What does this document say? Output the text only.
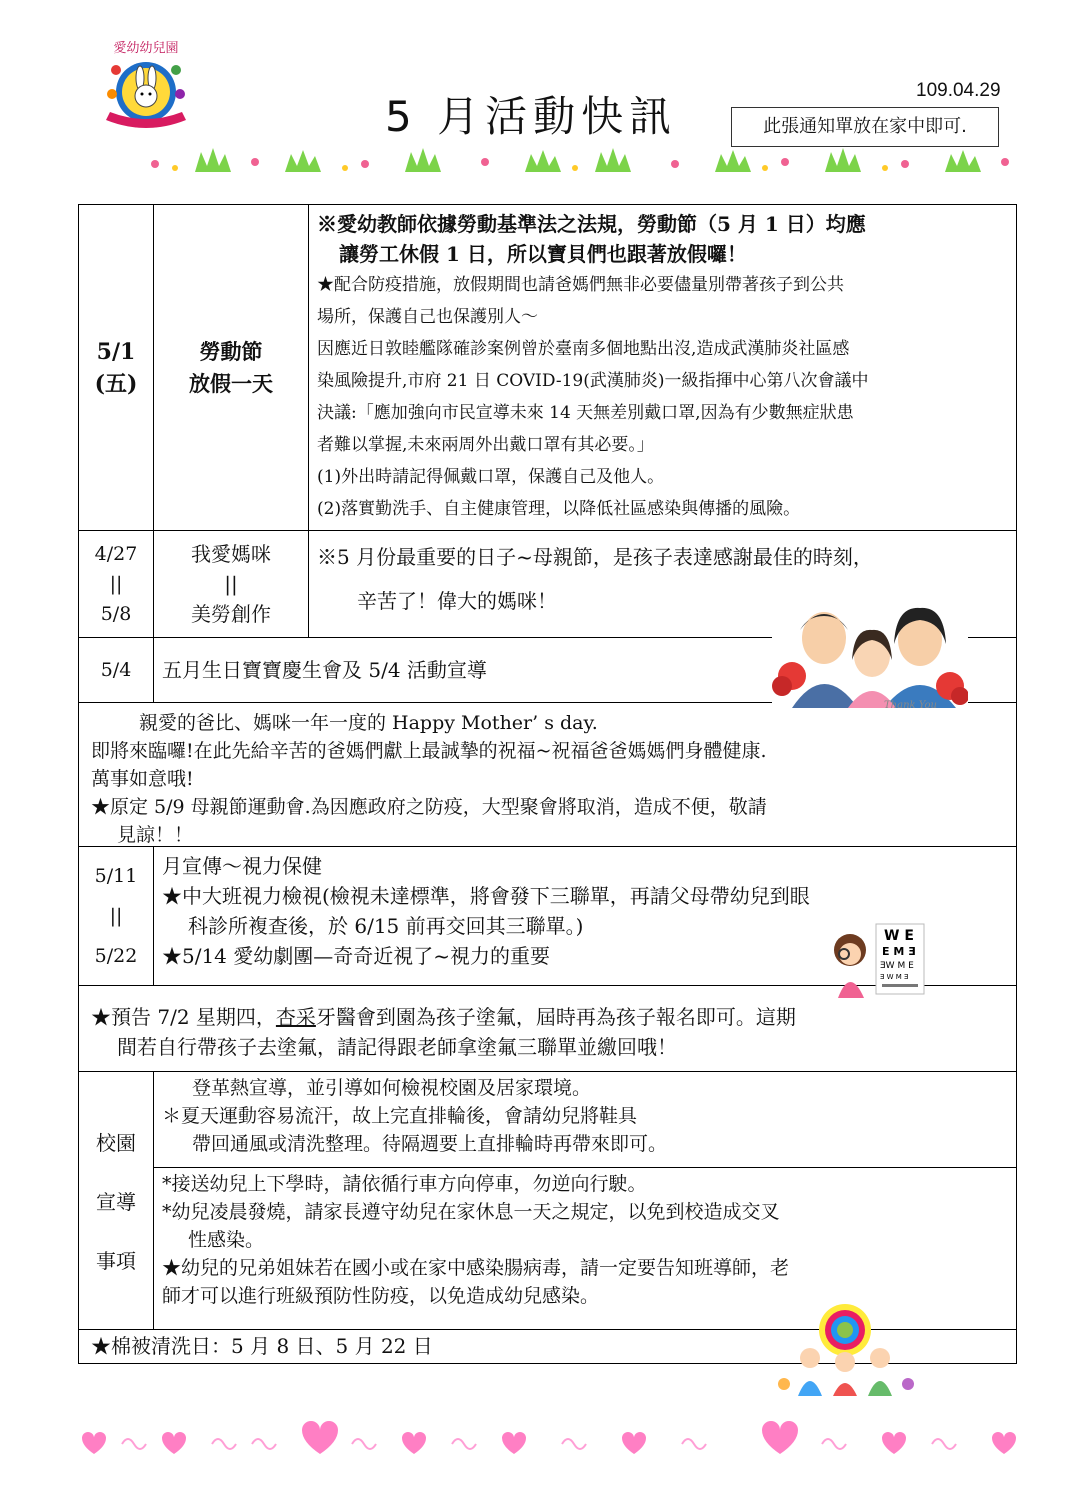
愛幼幼兒園
5 月活動快訊
109.04.29
此張通知單放在家中即可.
5/1
(五)
勞動節
放假一天
※愛幼教師依據勞動基準法之法規，勞動節（5 月 1 日）均應
讓勞工休假 1 日，所以寶貝們也跟著放假囉！
★配合防疫措施，放假期間也請爸媽們無非必要儘量別帶著孩子到公共
場所，保護自己也保護別人～
因應近日敦睦艦隊確診案例曾於臺南多個地點出沒,造成武漢肺炎社區感
染風險提升,市府 21 日 COVID-19(武漢肺炎)一級指揮中心第八次會議中
決議:「應加強向市民宣導未來 14 天無差別戴口罩,因為有少數無症狀患
者難以掌握,未來兩周外出戴口罩有其必要。」
(1)外出時請記得佩戴口罩，保護自己及他人。
(2)落實勤洗手、自主健康管理，以降低社區感染與傳播的風險。
4/27
||
5/8
我愛媽咪
||
美勞創作
※5 月份最重要的日子~母親節，是孩子表達感謝最佳的時刻，
辛苦了！偉大的媽咪！
5/4 五月生日寶寶慶生會及 5/4 活動宣導
親愛的爸比、媽咪一年一度的 Happy Mother’ s day.
即將來臨囉!在此先給辛苦的爸媽們獻上最誠摯的祝福~祝福爸爸媽媽們身體健康.
萬事如意哦!
★原定 5/9 母親節運動會.為因應政府之防疫，大型聚會將取消，造成不便，敬請
見諒！！
5/11
||
5/22
月宣傳～視力保健
★中大班視力檢視(檢視未達標準，將會發下三聯單，再請父母帶幼兒到眼
科診所複查後，於 6/15 前再交回其三聯單。)
★5/14 愛幼劇團—奇奇近視了~視力的重要
★預告 7/2 星期四，杏采牙醫會到園為孩子塗氟，屆時再為孩子報名即可。這期
間若自行帶孩子去塗氟，請記得跟老師拿塗氟三聯單並繳回哦！
校園
宣導
事項
登革熱宣導，並引導如何檢視校園及居家環境。
＊夏天運動容易流汗，故上完直排輪後，會請幼兒將鞋具
帶回通風或清洗整理。待隔週要上直排輪時再帶來即可。
*接送幼兒上下學時，請依循行車方向停車，勿逆向行駛。
*幼兒凌晨發燒，請家長遵守幼兒在家休息一天之規定，以免到校造成交叉
性感染。
★幼兒的兄弟姐妹若在國小或在家中感染腸病毒，請一定要告知班導師，老
師才可以進行班級預防性防疫，以免造成幼兒感染。
★棉被清洗日：5 月 8 日、5 月 22 日
Thank You
W E
E M Ǝ
ƎW M E
Ǝ W M Ǝ
